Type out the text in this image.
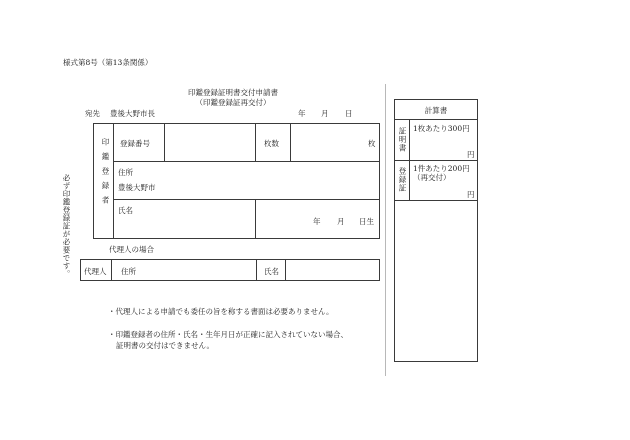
様式第8号（第13条関係）
印鑑登録証明書交付申請書
（印鑑登録証再交付）
宛先 豊後大野市長	年 月 日
必ず印鑑登録証が必要です。	印鑑登録者 登録番号	枚数	枚
住所
豊後大野市
氏名
年 月 日生
代理人の場合
代理人 住所	氏名
・代理人による申請でも委任の旨を称する書面は必要ありません。
・印鑑登録者の住所・氏名・生年月日が正確に記入されていない場合、
証明書の交付はできません。
計算書
証明書 1枚あたり300円
円
登録証 1件あたり200円
（再交付）
円
